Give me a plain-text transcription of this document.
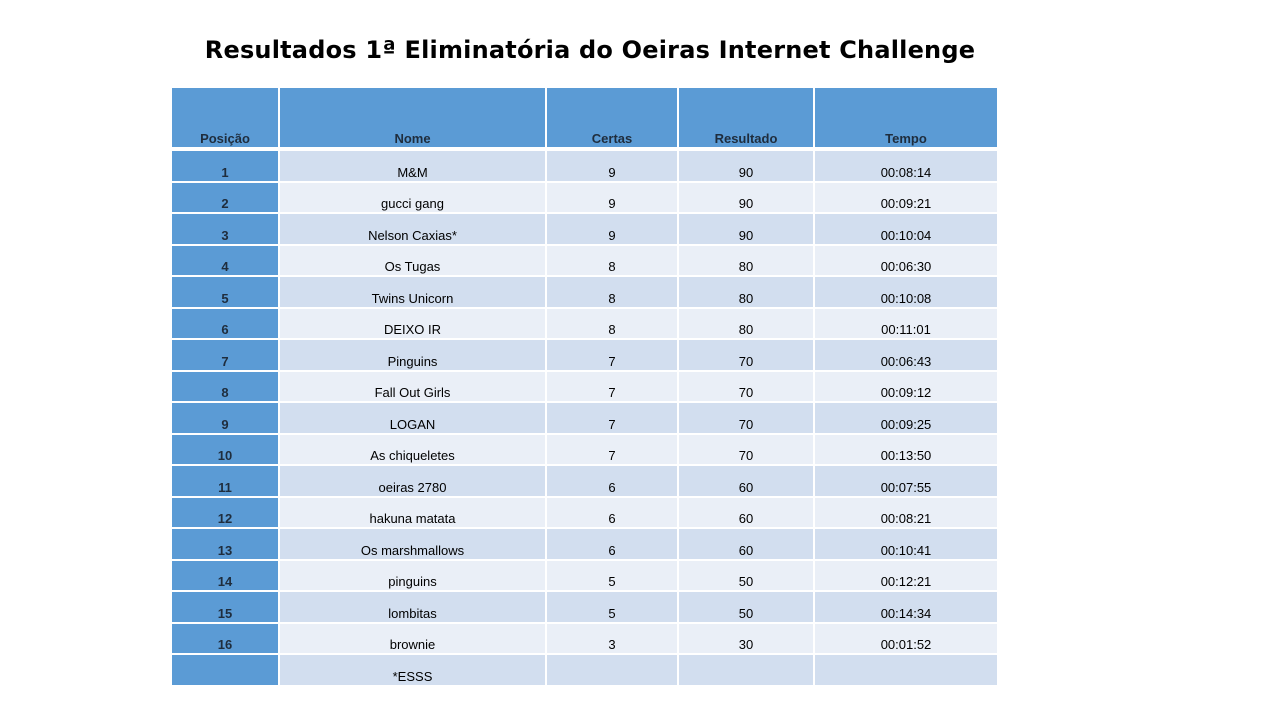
Resultados 1ª Eliminatória do Oeiras Internet Challenge
Posição	Nome	Certas	Resultado	Tempo
1	M&M	9	90	00:08:14
2	gucci gang	9	90	00:09:21
3	Nelson Caxias*	9	90	00:10:04
4	Os Tugas	8	80	00:06:30
5	Twins Unicorn	8	80	00:10:08
6	DEIXO IR	8	80	00:11:01
7	Pinguins	7	70	00:06:43
8	Fall Out Girls	7	70	00:09:12
9	LOGAN	7	70	00:09:25
10	As chiqueletes	7	70	00:13:50
11	oeiras 2780	6	60	00:07:55
12	hakuna matata	6	60	00:08:21
13	Os marshmallows	6	60	00:10:41
14	pinguins	5	50	00:12:21
15	lombitas	5	50	00:14:34
16	brownie	3	30	00:01:52
	*ESSS			
